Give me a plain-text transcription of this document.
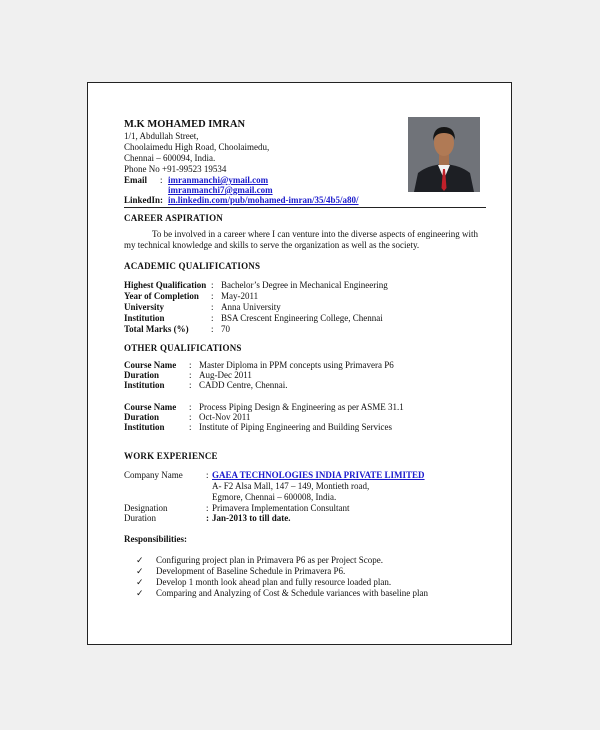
M.K MOHAMED IMRAN
1/1, Abdullah Street,
Choolaimedu High Road, Choolaimedu,
Chennai – 600094, India.
Phone No +91-99523 19534
Email : imranmanchi@ymail.com
imranmanchi7@gmail.com
LinkedIn : in.linkedin.com/pub/mohamed-imran/35/4b5/a80/
CAREER ASPIRATION
To be involved in a career where I can venture into the diverse aspects of engineering with my technical knowledge and skills to serve the organization as well as the society.
ACADEMIC QUALIFICATIONS
Highest Qualification : Bachelor’s Degree in Mechanical Engineering
Year of Completion : May-2011
University	: Anna University
Institution	: BSA Crescent Engineering College, Chennai
Total Marks (%) : 70
OTHER QUALIFICATIONS
Course Name : Master Diploma in PPM concepts using Primavera P6
Duration	: Aug-Dec 2011
Institution	: CADD Centre, Chennai.
Course Name : Process Piping Design & Engineering as per ASME 31.1
Duration	: Oct-Nov 2011
Institution	: Institute of Piping Engineering and Building Services
WORK EXPERIENCE
Company Name	: GAEA TECHNOLOGIES INDIA PRIVATE LIMITED
A- F2 Alsa Mall, 147 – 149, Montieth road,
Egmore, Chennai – 600008, India.
Designation	: Primavera Implementation Consultant
Duration	: Jan-2013 to till date.
Responsibilities:
✓ Configuring project plan in Primavera P6 as per Project Scope.
✓ Development of Baseline Schedule in Primavera P6.
✓ Develop 1 month look ahead plan and fully resource loaded plan.
✓ Comparing and Analyzing of Cost & Schedule variances with baseline plan
